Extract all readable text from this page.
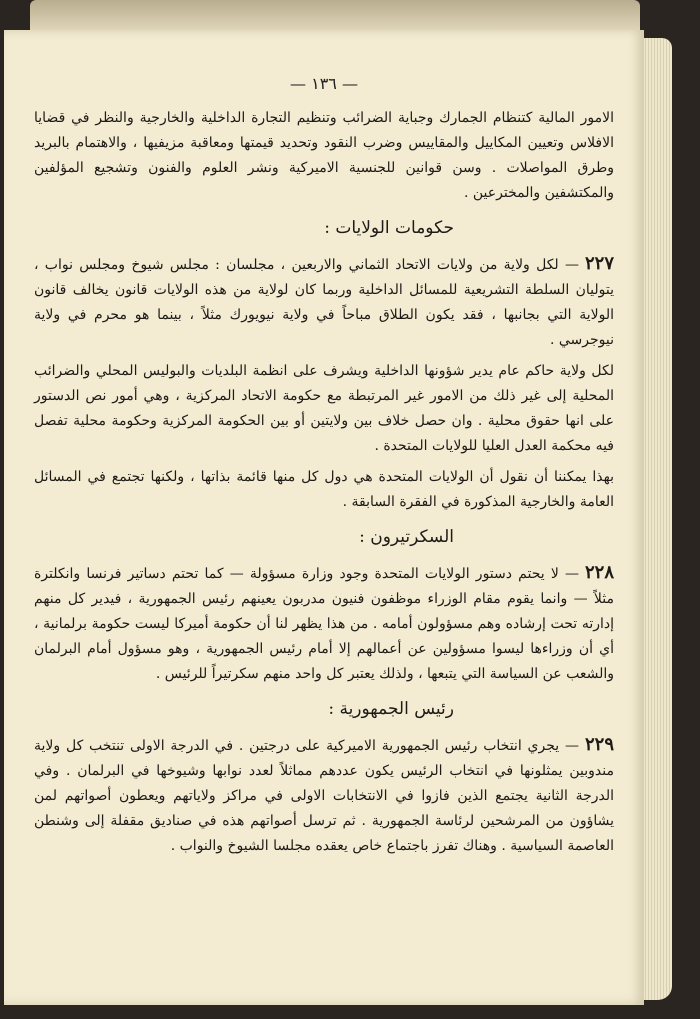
— ١٣٦ —

الامور المالية كتنظام الجمارك وجباية الضرائب وتنظيم التجارة الداخلية والخارجية والنظر في قضايا الافلاس وتعيين المكاييل والمقاييس وضرب النقود وتحديد قيمتها ومعاقبة مزيفيها ، والاهتمام بالبريد وطرق المواصلات . وسن قوانين للجنسية الاميركية ونشر العلوم والفنون وتشجيع المؤلفين والمكتشفين والمخترعين .

حكومات الولايات :

٢٢٧— لكل ولاية من ولايات الاتحاد الثماني والاربعين ، مجلسان : مجلس شيوخ ومجلس نواب ، يتوليان السلطة التشريعية للمسائل الداخلية وربما كان لولاية من هذه الولايات قانون يخالف قانون الولاية التي بجانبها ، فقد يكون الطلاق مباحاً في ولاية نيويورك مثلاً ، بينما هو محرم في ولاية نيوجرسي .

لكل ولاية حاكم عام يدير شؤونها الداخلية ويشرف على انظمة البلديات والبوليس المحلي والضرائب المحلية إلى غير ذلك من الامور غير المرتبطة مع حكومة الاتحاد المركزية ، وهي أمور نص الدستور على انها حقوق محلية . وان حصل خلاف بين ولايتين أو بين الحكومة المركزية وحكومة محلية تفصل فيه محكمة العدل العليا للولايات المتحدة .

بهذا يمكننا أن نقول أن الولايات المتحدة هي دول كل منها قائمة بذاتها ، ولكنها تجتمع في المسائل العامة والخارجية المذكورة في الفقرة السابقة .

السكرتيرون :

٢٢٨— لا يحتم دستور الولايات المتحدة وجود وزارة مسؤولة — كما تحتم دساتير فرنسا وانكلترة مثلاً — وانما يقوم مقام الوزراء موظفون فنيون مدربون يعينهم رئيس الجمهورية ، فيدير كل منهم إدارته تحت إرشاده وهم مسؤولون أمامه . من هذا يظهر لنا أن حكومة أميركا ليست حكومة برلمانية ، أي أن وزراءها ليسوا مسؤولين عن أعمالهم إلا أمام رئيس الجمهورية ، وهو مسؤول أمام البرلمان والشعب عن السياسة التي يتبعها ، ولذلك يعتبر كل واحد منهم سكرتيراً للرئيس .

رئيس الجمهورية :

٢٢٩— يجري انتخاب رئيس الجمهورية الاميركية على درجتين . في الدرجة الاولى تنتخب كل ولاية مندوبين يمثلونها في انتخاب الرئيس يكون عددهم مماثلاً لعدد نوابها وشيوخها في البرلمان . وفي الدرجة الثانية يجتمع الذين فازوا في الانتخابات الاولى في مراكز ولاياتهم ويعطون أصواتهم لمن يشاؤون من المرشحين لرئاسة الجمهورية . ثم ترسل أصواتهم هذه في صناديق مقفلة إلى وشنطن العاصمة السياسية . وهناك تفرز باجتماع خاص يعقده مجلسا الشيوخ والنواب .
